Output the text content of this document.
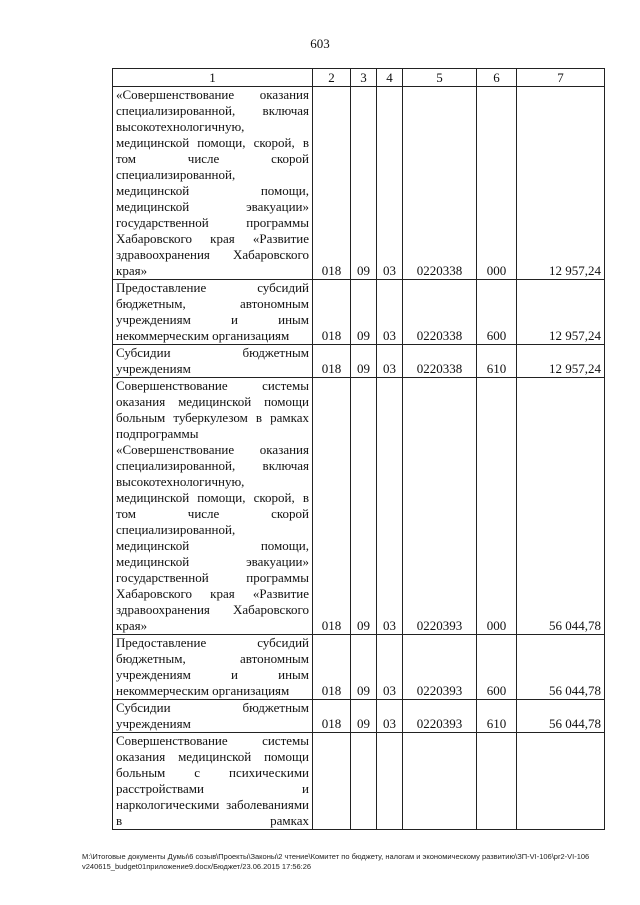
603
1	2	3	4	5	6	7

«Совершенствование оказания специализированной, включая высокотехнологичную, медицинской помощи, скорой, в том числе скорой специализированной, медицинской помощи, медицинской эвакуации» государственной программы Хабаровского края «Развитие здравоохранения Хабаровского края»	018	09	03	0220338	000	12 957,24

Предоставление субсидий бюджетным, автономным учреждениям и иным некоммерческим организациям	018	09	03	0220338	600	12 957,24

Субсидии бюджетным учреждениям	018	09	03	0220338	610	12 957,24

Совершенствование системы оказания медицинской помощи больным туберкулезом в рамках подпрограммы «Совершенствование оказания специализированной, включая высокотехнологичную, медицинской помощи, скорой, в том числе скорой специализированной, медицинской помощи, медицинской эвакуации» государственной программы Хабаровского края «Развитие здравоохранения Хабаровского края»	018	09	03	0220393	000	56 044,78

Предоставление субсидий бюджетным, автономным учреждениям и иным некоммерческим организациям	018	09	03	0220393	600	56 044,78

Субсидии бюджетным учреждениям	018	09	03	0220393	610	56 044,78

Совершенствование системы оказания медицинской помощи больным с психическими расстройствами и наркологическими заболеваниями в рамках						

M:\Итоговые документы Думы\6 созыв\Проекты\Законы\2 чтение\Комитет по бюджету, налогам и экономическому развитию\ЗП-VI-106\pr2-VI-106 v240615_budget01приложение9.docx/Бюджет/23.06.2015 17:56:26
